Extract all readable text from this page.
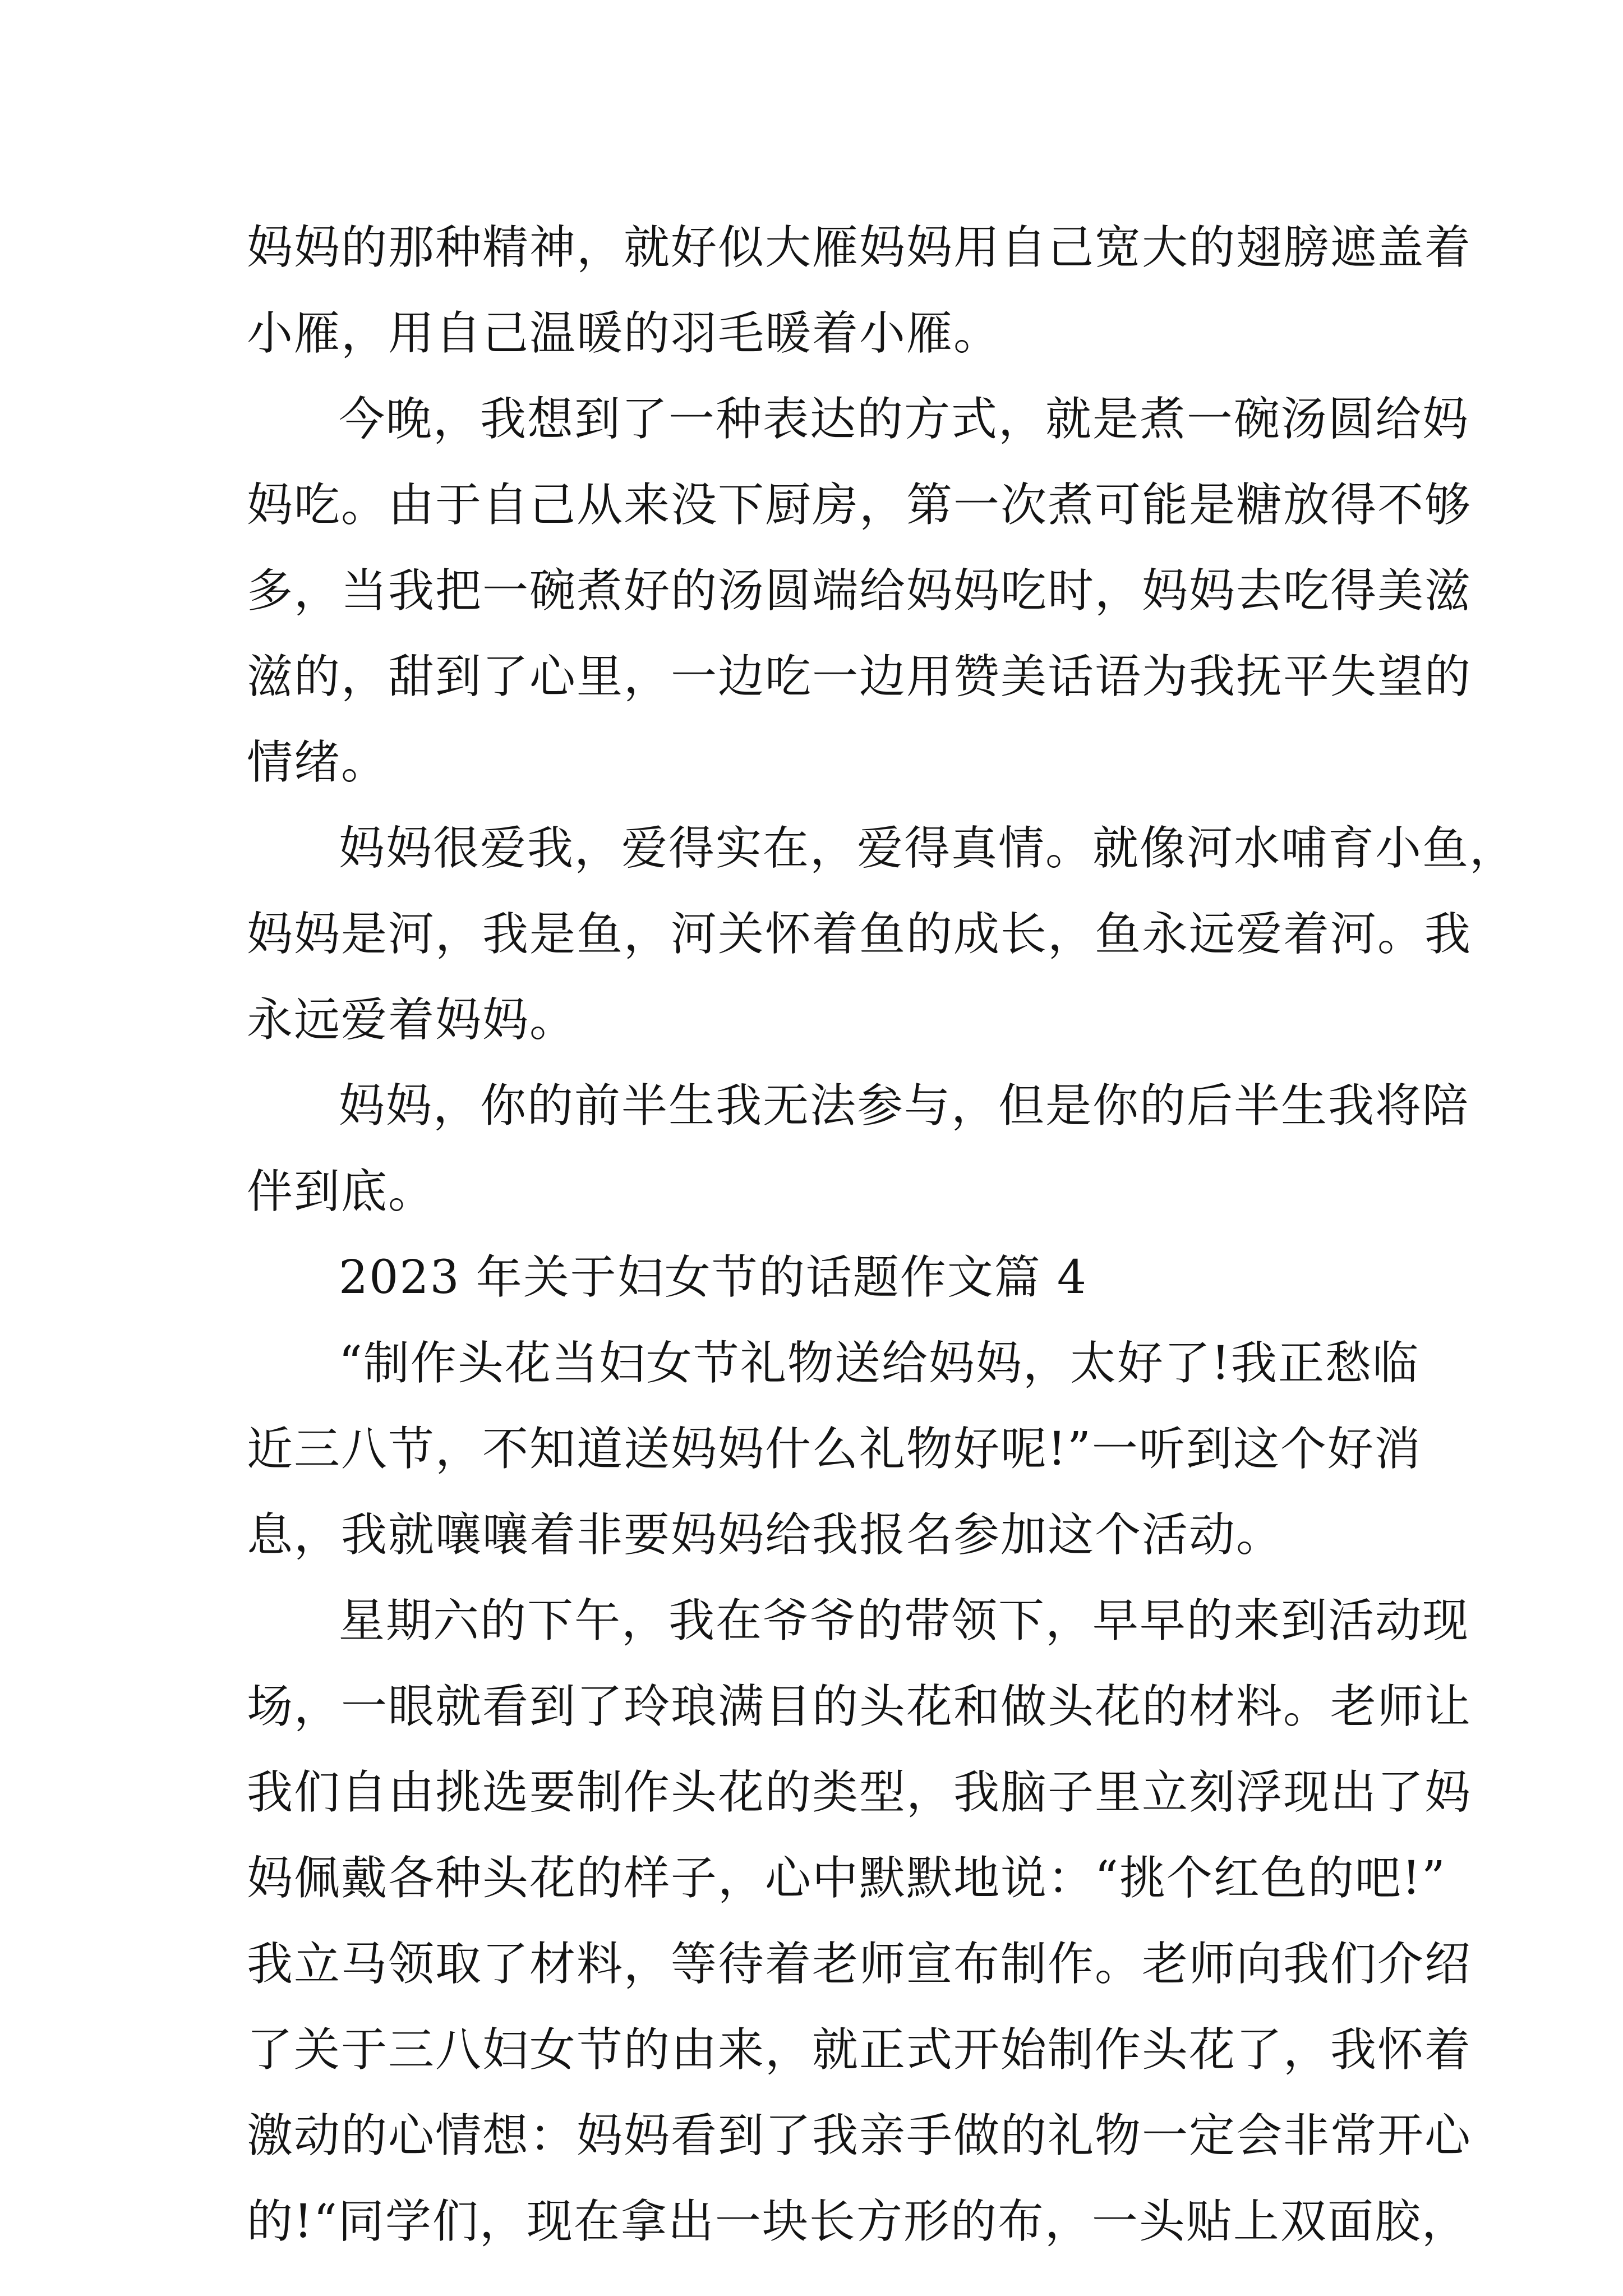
妈妈的那种精神，就好似大雁妈妈用自己宽大的翅膀遮盖着
小雁，用自己温暖的羽毛暖着小雁。
今晚，我想到了一种表达的方式，就是煮一碗汤圆给妈
妈吃。由于自己从来没下厨房，第一次煮可能是糖放得不够
多，当我把一碗煮好的汤圆端给妈妈吃时，妈妈去吃得美滋
滋的，甜到了心里，一边吃一边用赞美话语为我抚平失望的
情绪。
妈妈很爱我，爱得实在，爱得真情。就像河水哺育小鱼，
妈妈是河，我是鱼，河关怀着鱼的成长，鱼永远爱着河。我
永远爱着妈妈。
妈妈，你的前半生我无法参与，但是你的后半生我将陪
伴到底。
2023 年关于妇女节的话题作文篇 4
“制作头花当妇女节礼物送给妈妈，太好了!我正愁临
近三八节，不知道送妈妈什么礼物好呢!”一听到这个好消
息，我就嚷嚷着非要妈妈给我报名参加这个活动。
星期六的下午，我在爷爷的带领下，早早的来到活动现
场，一眼就看到了玲琅满目的头花和做头花的材料。老师让
我们自由挑选要制作头花的类型，我脑子里立刻浮现出了妈
妈佩戴各种头花的样子，心中默默地说：“挑个红色的吧!”
我立马领取了材料，等待着老师宣布制作。老师向我们介绍
了关于三八妇女节的由来，就正式开始制作头花了，我怀着
激动的心情想：妈妈看到了我亲手做的礼物一定会非常开心
的!“同学们，现在拿出一块长方形的布，一头贴上双面胶，
